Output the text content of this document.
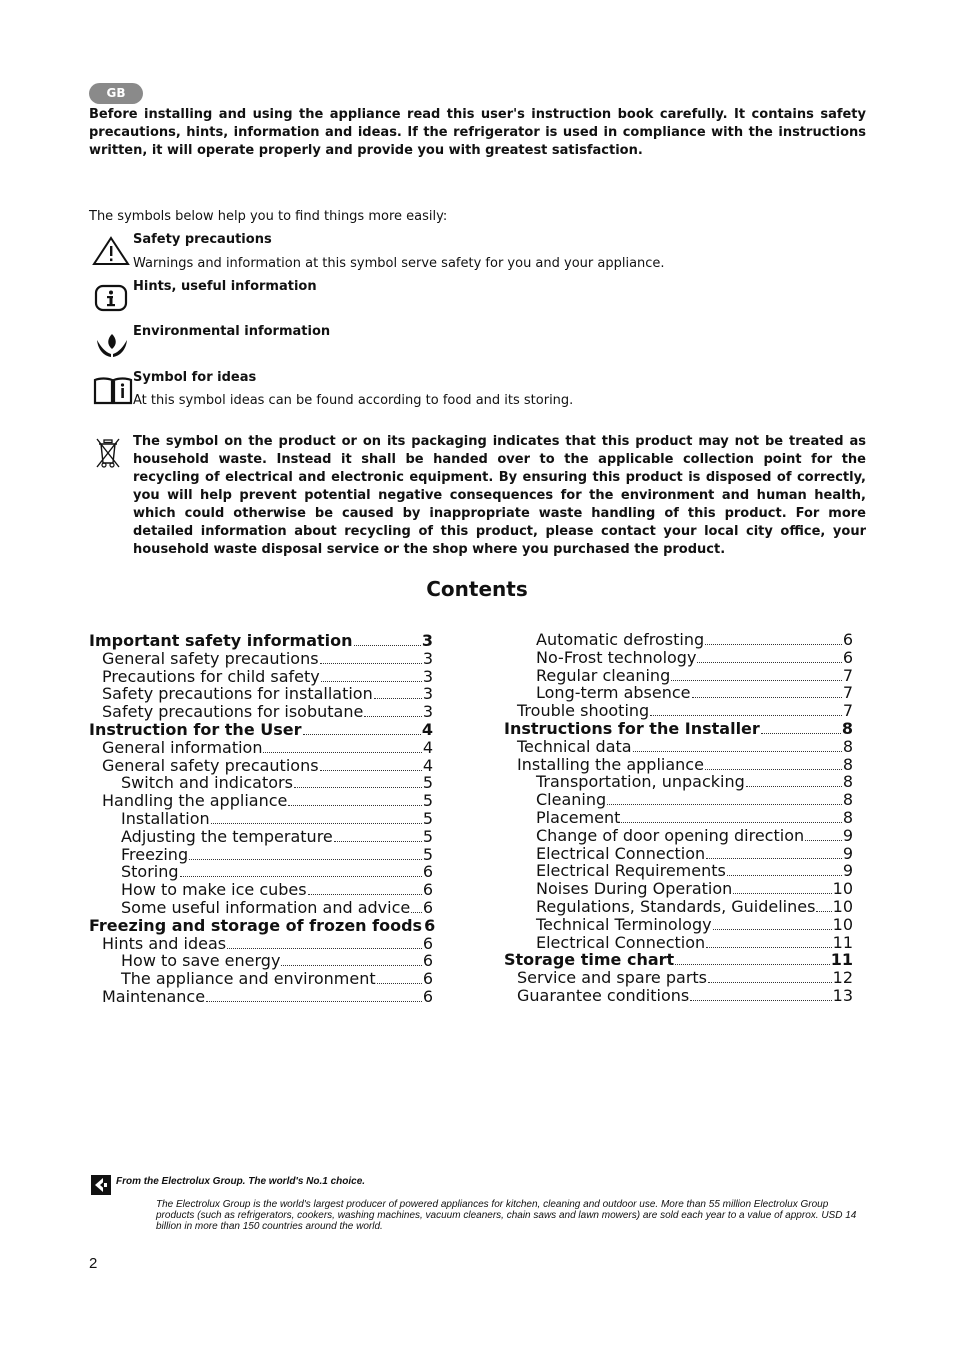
GB
Before installing and using the appliance read this user's instruction book carefully. It contains safety precautions, hints, information and ideas. If the refrigerator is used in compliance with the instructions written, it will operate properly and provide you with greatest satisfaction.
The symbols below help you to find things more easily:
Safety precautions
Warnings and information at this symbol serve safety for you and your appliance.
Hints, useful information
Environmental information
Symbol for ideas
At this symbol ideas can be found according to food and its storing.
The symbol on the product or on its packaging indicates that this product may not be treated as household waste. Instead it shall be handed over to the applicable collection point for the recycling of electrical and electronic equipment. By ensuring this product is disposed of correctly, you will help prevent potential negative consequences for the environment and human health, which could otherwise be caused by inappropriate waste handling of this product. For more detailed information about recycling of this product, please contact your local city office, your household waste disposal service or the shop where you purchased the product.
Contents
From the Electrolux Group. The world's No.1 choice.
The Electrolux Group is the world's largest producer of powered appliances for kitchen, cleaning and outdoor use. More than 55 million Electrolux Group products (such as refrigerators, cookers, washing machines, vacuum cleaners, chain saws and lawn mowers) are sold each year to a value of approx. USD 14 billion in more than 150 countries around the world.
2
Important safety information	3
General safety precautions	3
Precautions for child safety	3
Safety precautions for installation	3
Safety precautions for isobutane	3
Instruction for the User	4
General information	4
General safety precautions	4
Switch and indicators	5
Handling the appliance	5
Installation	5
Adjusting the temperature	5
Freezing	5
Storing	6
How to make ice cubes	6
Some useful information and advice 6
Freezing and storage of frozen foods 6
Hints and ideas	6
How to save energy	6
The appliance and environment	6
Maintenance	6
Automatic defrosting	6
No-Frost technology	6
Regular cleaning	7
Long-term absence	7
Trouble shooting	7
Instructions for the Installer	8
Technical data	8
Installing the appliance	8
Transportation, unpacking	8
Cleaning	8
Placement	8
Change of door opening direction 9
Electrical Connection	9
Electrical Requirements	9
Noises During Operation	10
Regulations, Standards, Guidelines 10
Technical Terminology	10
Electrical Connection	11
Storage time chart	11
Service and spare parts	12
Guarantee conditions	13
